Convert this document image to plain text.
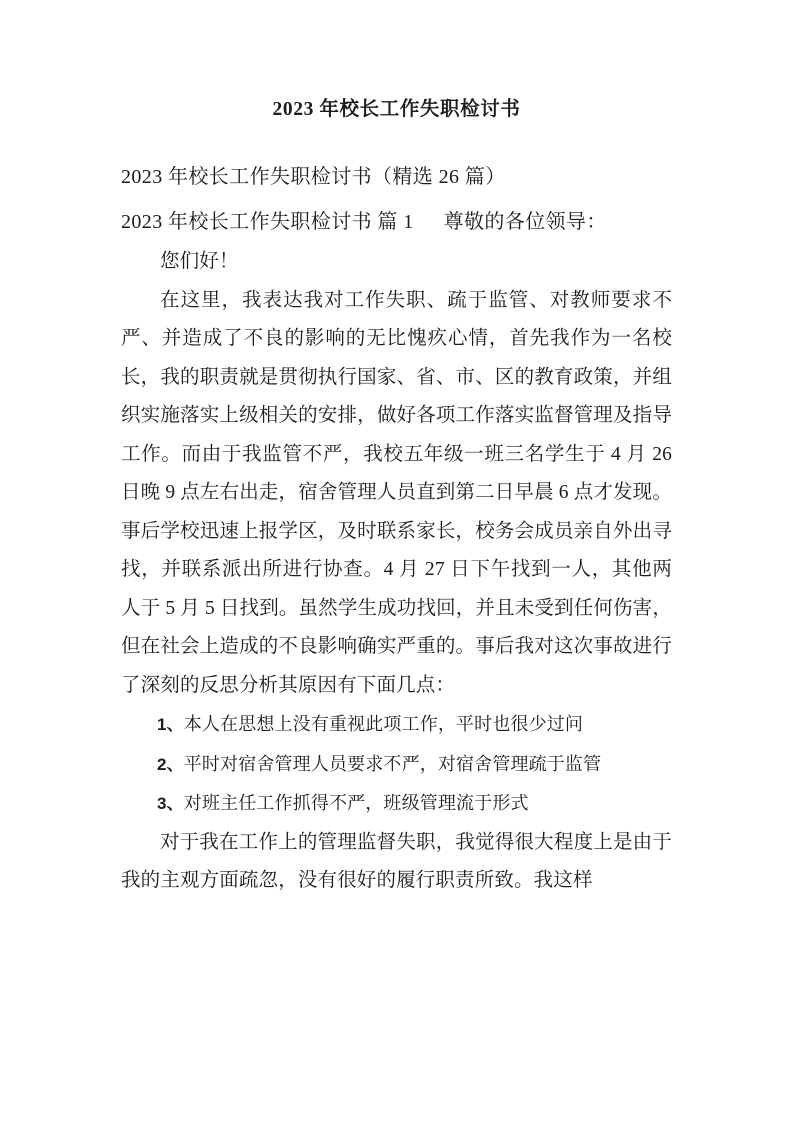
2023 年校长工作失职检讨书
2023 年校长工作失职检讨书（精选 26 篇）
2023 年校长工作失职检讨书 篇 1 尊敬的各位领导：

您们好！

在这里，我表达我对工作失职、疏于监管、对教师要求不严、并造成了不良的影响的无比愧疚心情，首先我作为一名校长，我的职责就是贯彻执行国家、省、市、区的教育政策，并组织实施落实上级相关的安排，做好各项工作落实监督管理及指导工作。而由于我监管不严，我校五年级一班三名学生于 4 月 26 日晚 9 点左右出走，宿舍管理人员直到第二日早晨 6 点才发现。事后学校迅速上报学区，及时联系家长，校务会成员亲自外出寻找，并联系派出所进行协查。4 月 27 日下午找到一人，其他两人于 5 月 5 日找到。虽然学生成功找回，并且未受到任何伤害，但在社会上造成的不良影响确实严重的。事后我对这次事故进行了深刻的反思分析其原因有下面几点：

1、本人在思想上没有重视此项工作，平时也很少过问

2、平时对宿舍管理人员要求不严，对宿舍管理疏于监管

3、对班主任工作抓得不严，班级管理流于形式

对于我在工作上的管理监督失职，我觉得很大程度上是由于我的主观方面疏忽，没有很好的履行职责所致。我这样
